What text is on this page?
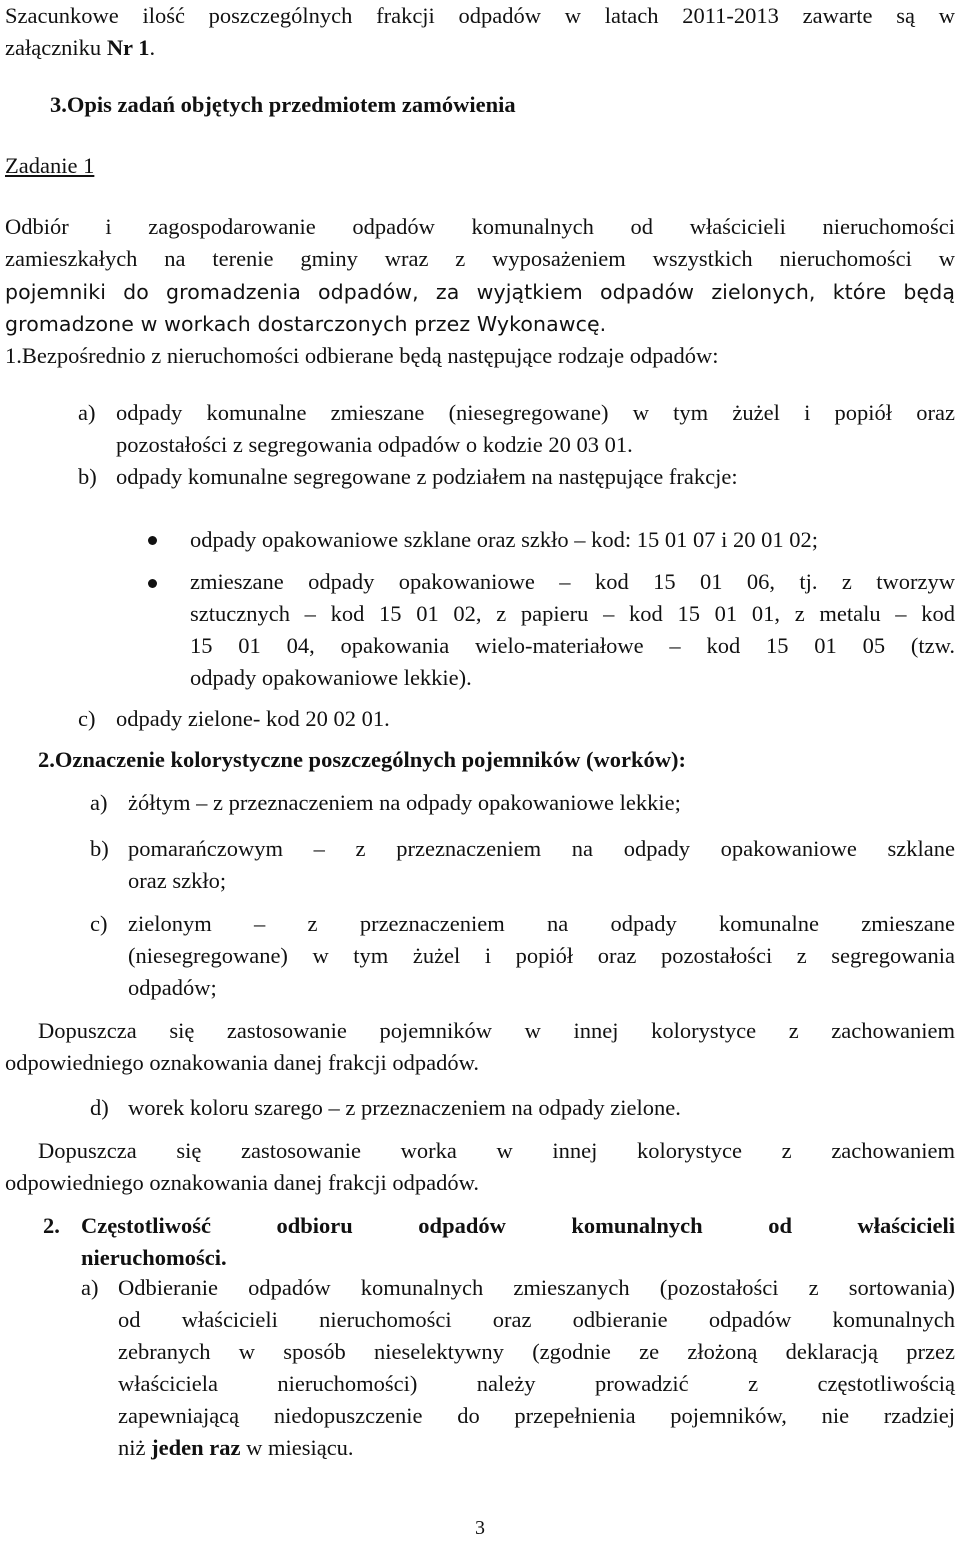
Szacunkowe ilość poszczególnych frakcji odpadów w latach 2011-2013 zawarte są w
załączniku Nr 1.
3.Opis zadań objętych przedmiotem zamówienia
Zadanie 1
Odbiór i zagospodarowanie odpadów komunalnych od właścicieli nieruchomości
zamieszkałych na terenie gminy wraz z wyposażeniem wszystkich nieruchomości w
pojemniki do gromadzenia odpadów, za wyjątkiem odpadów zielonych, które będą
gromadzone w workach dostarczonych przez Wykonawcę.
1.Bezpośrednio z nieruchomości odbierane będą następujące rodzaje odpadów:
a) odpady komunalne zmieszane (niesegregowane) w tym żużel i popiół oraz
pozostałości z segregowania odpadów o kodzie 20 03 01.
b) odpady komunalne segregowane z podziałem na następujące frakcje:
odpady opakowaniowe szklane oraz szkło – kod: 15 01 07 i 20 01 02;
zmieszane odpady opakowaniowe – kod 15 01 06, tj. z tworzyw
sztucznych – kod 15 01 02, z papieru – kod 15 01 01, z metalu – kod
15 01 04, opakowania wielo-materiałowe – kod 15 01 05 (tzw.
odpady opakowaniowe lekkie).
c) odpady zielone- kod 20 02 01.
2.Oznaczenie kolorystyczne poszczególnych pojemników (worków):
a) żółtym – z przeznaczeniem na odpady opakowaniowe lekkie;
b) pomarańczowym – z przeznaczeniem na odpady opakowaniowe szklane
oraz szkło;
c) zielonym – z przeznaczeniem na odpady komunalne zmieszane
(niesegregowane) w tym żużel i popiół oraz pozostałości z segregowania
odpadów;
Dopuszcza się zastosowanie pojemników w innej kolorystyce z zachowaniem
odpowiedniego oznakowania danej frakcji odpadów.
d) worek koloru szarego – z przeznaczeniem na odpady zielone.
Dopuszcza się zastosowanie worka w innej kolorystyce z zachowaniem
odpowiedniego oznakowania danej frakcji odpadów.
2. Częstotliwość odbioru odpadów komunalnych od właścicieli
nieruchomości.
a) Odbieranie odpadów komunalnych zmieszanych (pozostałości z sortowania)
od właścicieli nieruchomości oraz odbieranie odpadów komunalnych
zebranych w sposób nieselektywny (zgodnie ze złożoną deklaracją przez
właściciela nieruchomości) należy prowadzić z częstotliwością
zapewniającą niedopuszczenie do przepełnienia pojemników, nie rzadziej
niż jeden raz w miesiącu.
3
